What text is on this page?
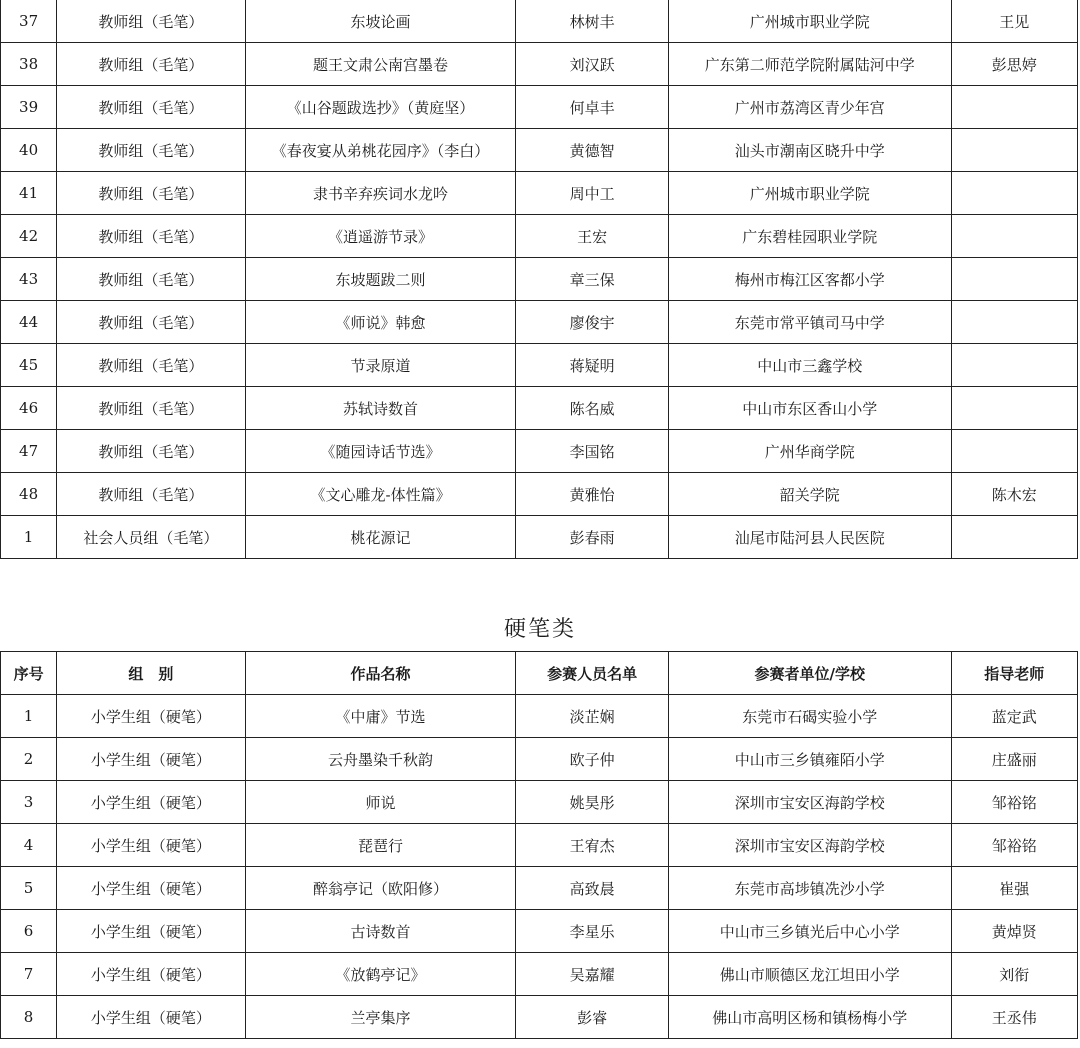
37	教师组（毛笔）	东坡论画	林树丰	广州城市职业学院	王见
38	教师组（毛笔）	题王文肃公南宫墨卷	刘汉跃	广东第二师范学院附属陆河中学	彭思婷
39	教师组（毛笔）	《山谷题跋选抄》（黄庭坚）	何卓丰	广州市荔湾区青少年宫	
40	教师组（毛笔）	《春夜宴从弟桃花园序》（李白）	黄德智	汕头市潮南区晓升中学	
41	教师组（毛笔）	隶书辛弃疾词水龙吟	周中工	广州城市职业学院	
42	教师组（毛笔）	《逍遥游节录》	王宏	广东碧桂园职业学院	
43	教师组（毛笔）	东坡题跋二则	章三保	梅州市梅江区客都小学	
44	教师组（毛笔）	《师说》韩愈	廖俊宇	东莞市常平镇司马中学	
45	教师组（毛笔）	节录原道	蒋疑明	中山市三鑫学校	
46	教师组（毛笔）	苏轼诗数首	陈名威	中山市东区香山小学	
47	教师组（毛笔）	《随园诗话节选》	李国铭	广州华商学院	
48	教师组（毛笔）	《文心雕龙-体性篇》	黄雅怡	韶关学院	陈木宏
1	社会人员组（毛笔）	桃花源记	彭春雨	汕尾市陆河县人民医院	
硬笔类
序号	组　别	作品名称	参赛人员名单	参赛者单位/学校	指导老师
1	小学生组（硬笔）	《中庸》节选	淡芷娴	东莞市石碣实验小学	蓝定武
2	小学生组（硬笔）	云舟墨染千秋韵	欧子仲	中山市三乡镇雍陌小学	庄盛丽
3	小学生组（硬笔）	师说	姚昊彤	深圳市宝安区海韵学校	邹裕铭
4	小学生组（硬笔）	琵琶行	王宥杰	深圳市宝安区海韵学校	邹裕铭
5	小学生组（硬笔）	醉翁亭记（欧阳修）	高致晨	东莞市高埗镇冼沙小学	崔强
6	小学生组（硬笔）	古诗数首	李星乐	中山市三乡镇光后中心小学	黄焯贤
7	小学生组（硬笔）	《放鹤亭记》	吴嘉耀	佛山市顺德区龙江坦田小学	刘衔
8	小学生组（硬笔）	兰亭集序	彭睿	佛山市高明区杨和镇杨梅小学	王丞伟
